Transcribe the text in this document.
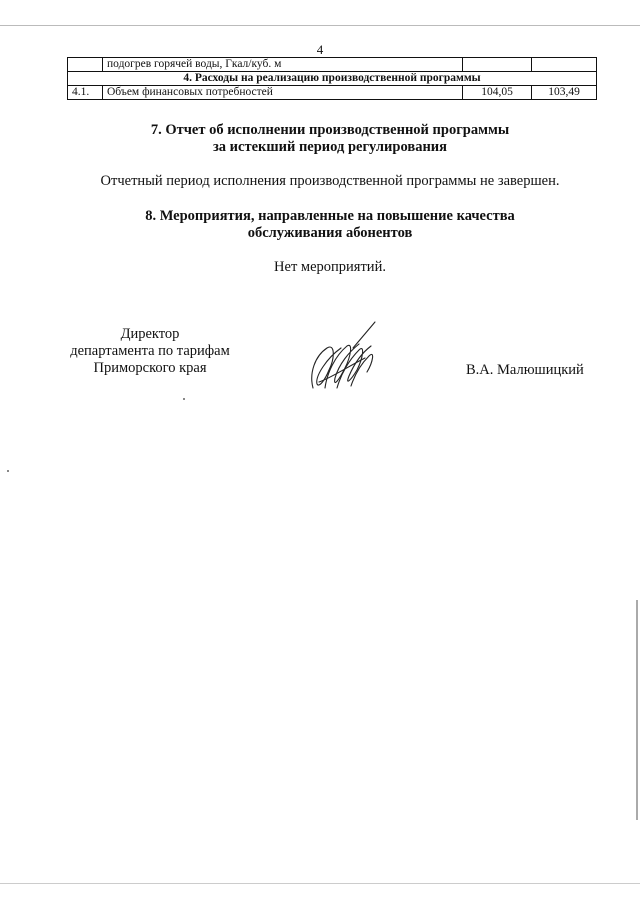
4
	подогрев горячей воды, Гкал/куб. м		
4. Расходы на реализацию производственной программы			
4.1.	Объем финансовых потребностей	104,05	103,49
7. Отчет об исполнении производственной программы
за истекший период регулирования
Отчетный период исполнения производственной программы не завершен.
8. Мероприятия, направленные на повышение качества
обслуживания абонентов
Нет мероприятий.
Директор
департамента по тарифам
Приморского края	В.А. Малюшицкий
